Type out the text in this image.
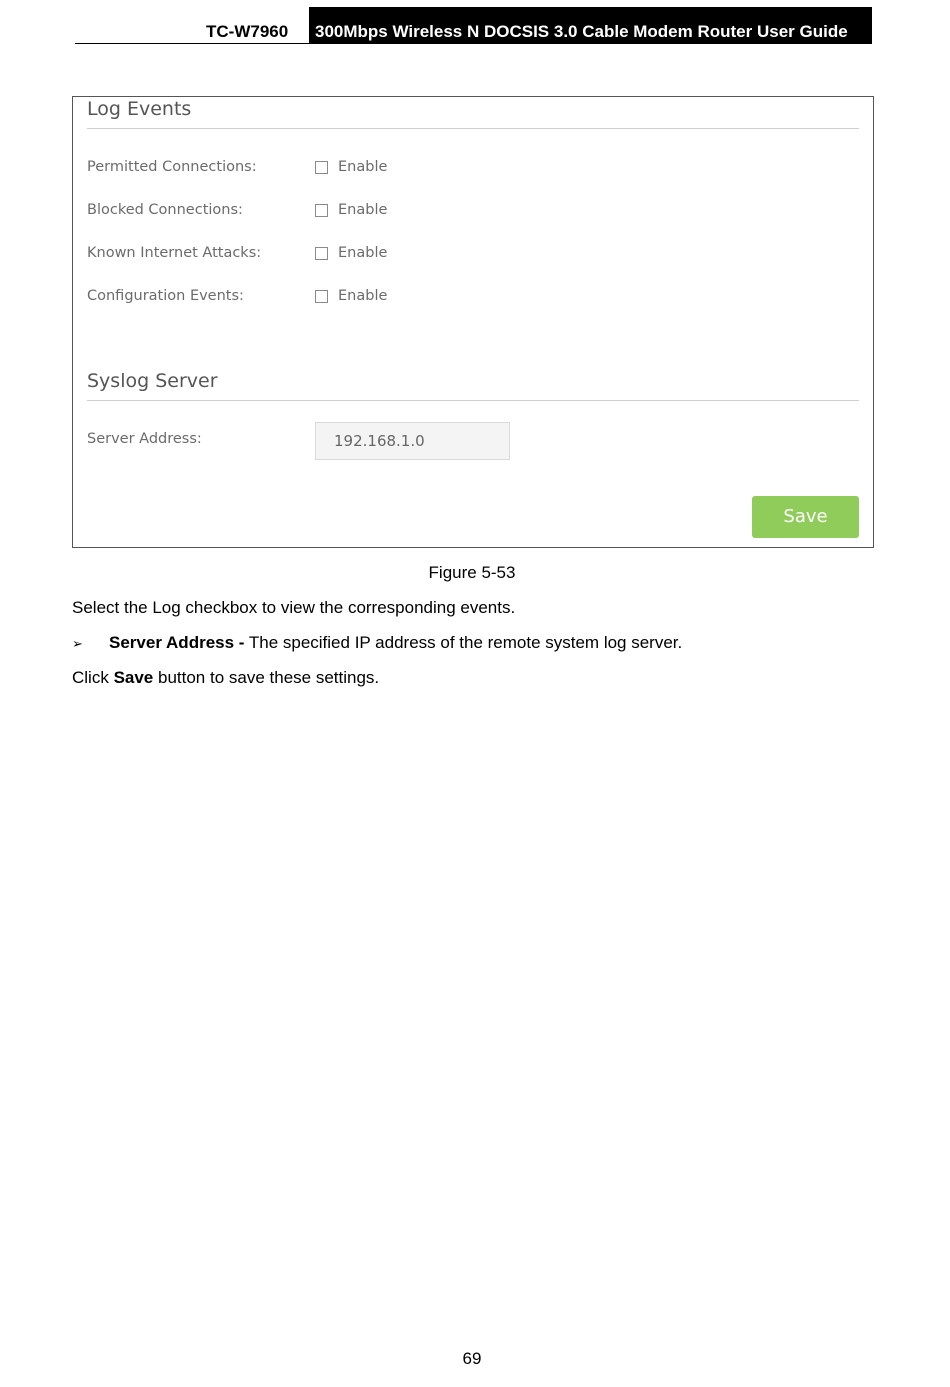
TC-W7960	300Mbps Wireless N DOCSIS 3.0 Cable Modem Router User Guide
Log Events
Permitted Connections:	Enable
Blocked Connections:	Enable
Known Internet Attacks:	Enable
Configuration Events:	Enable
Syslog Server
Server Address:
192.168.1.0
Save
Figure 5-53
Select the Log checkbox to view the corresponding events.
➢ Server Address - The specified IP address of the remote system log server.
Click Save button to save these settings.
69
